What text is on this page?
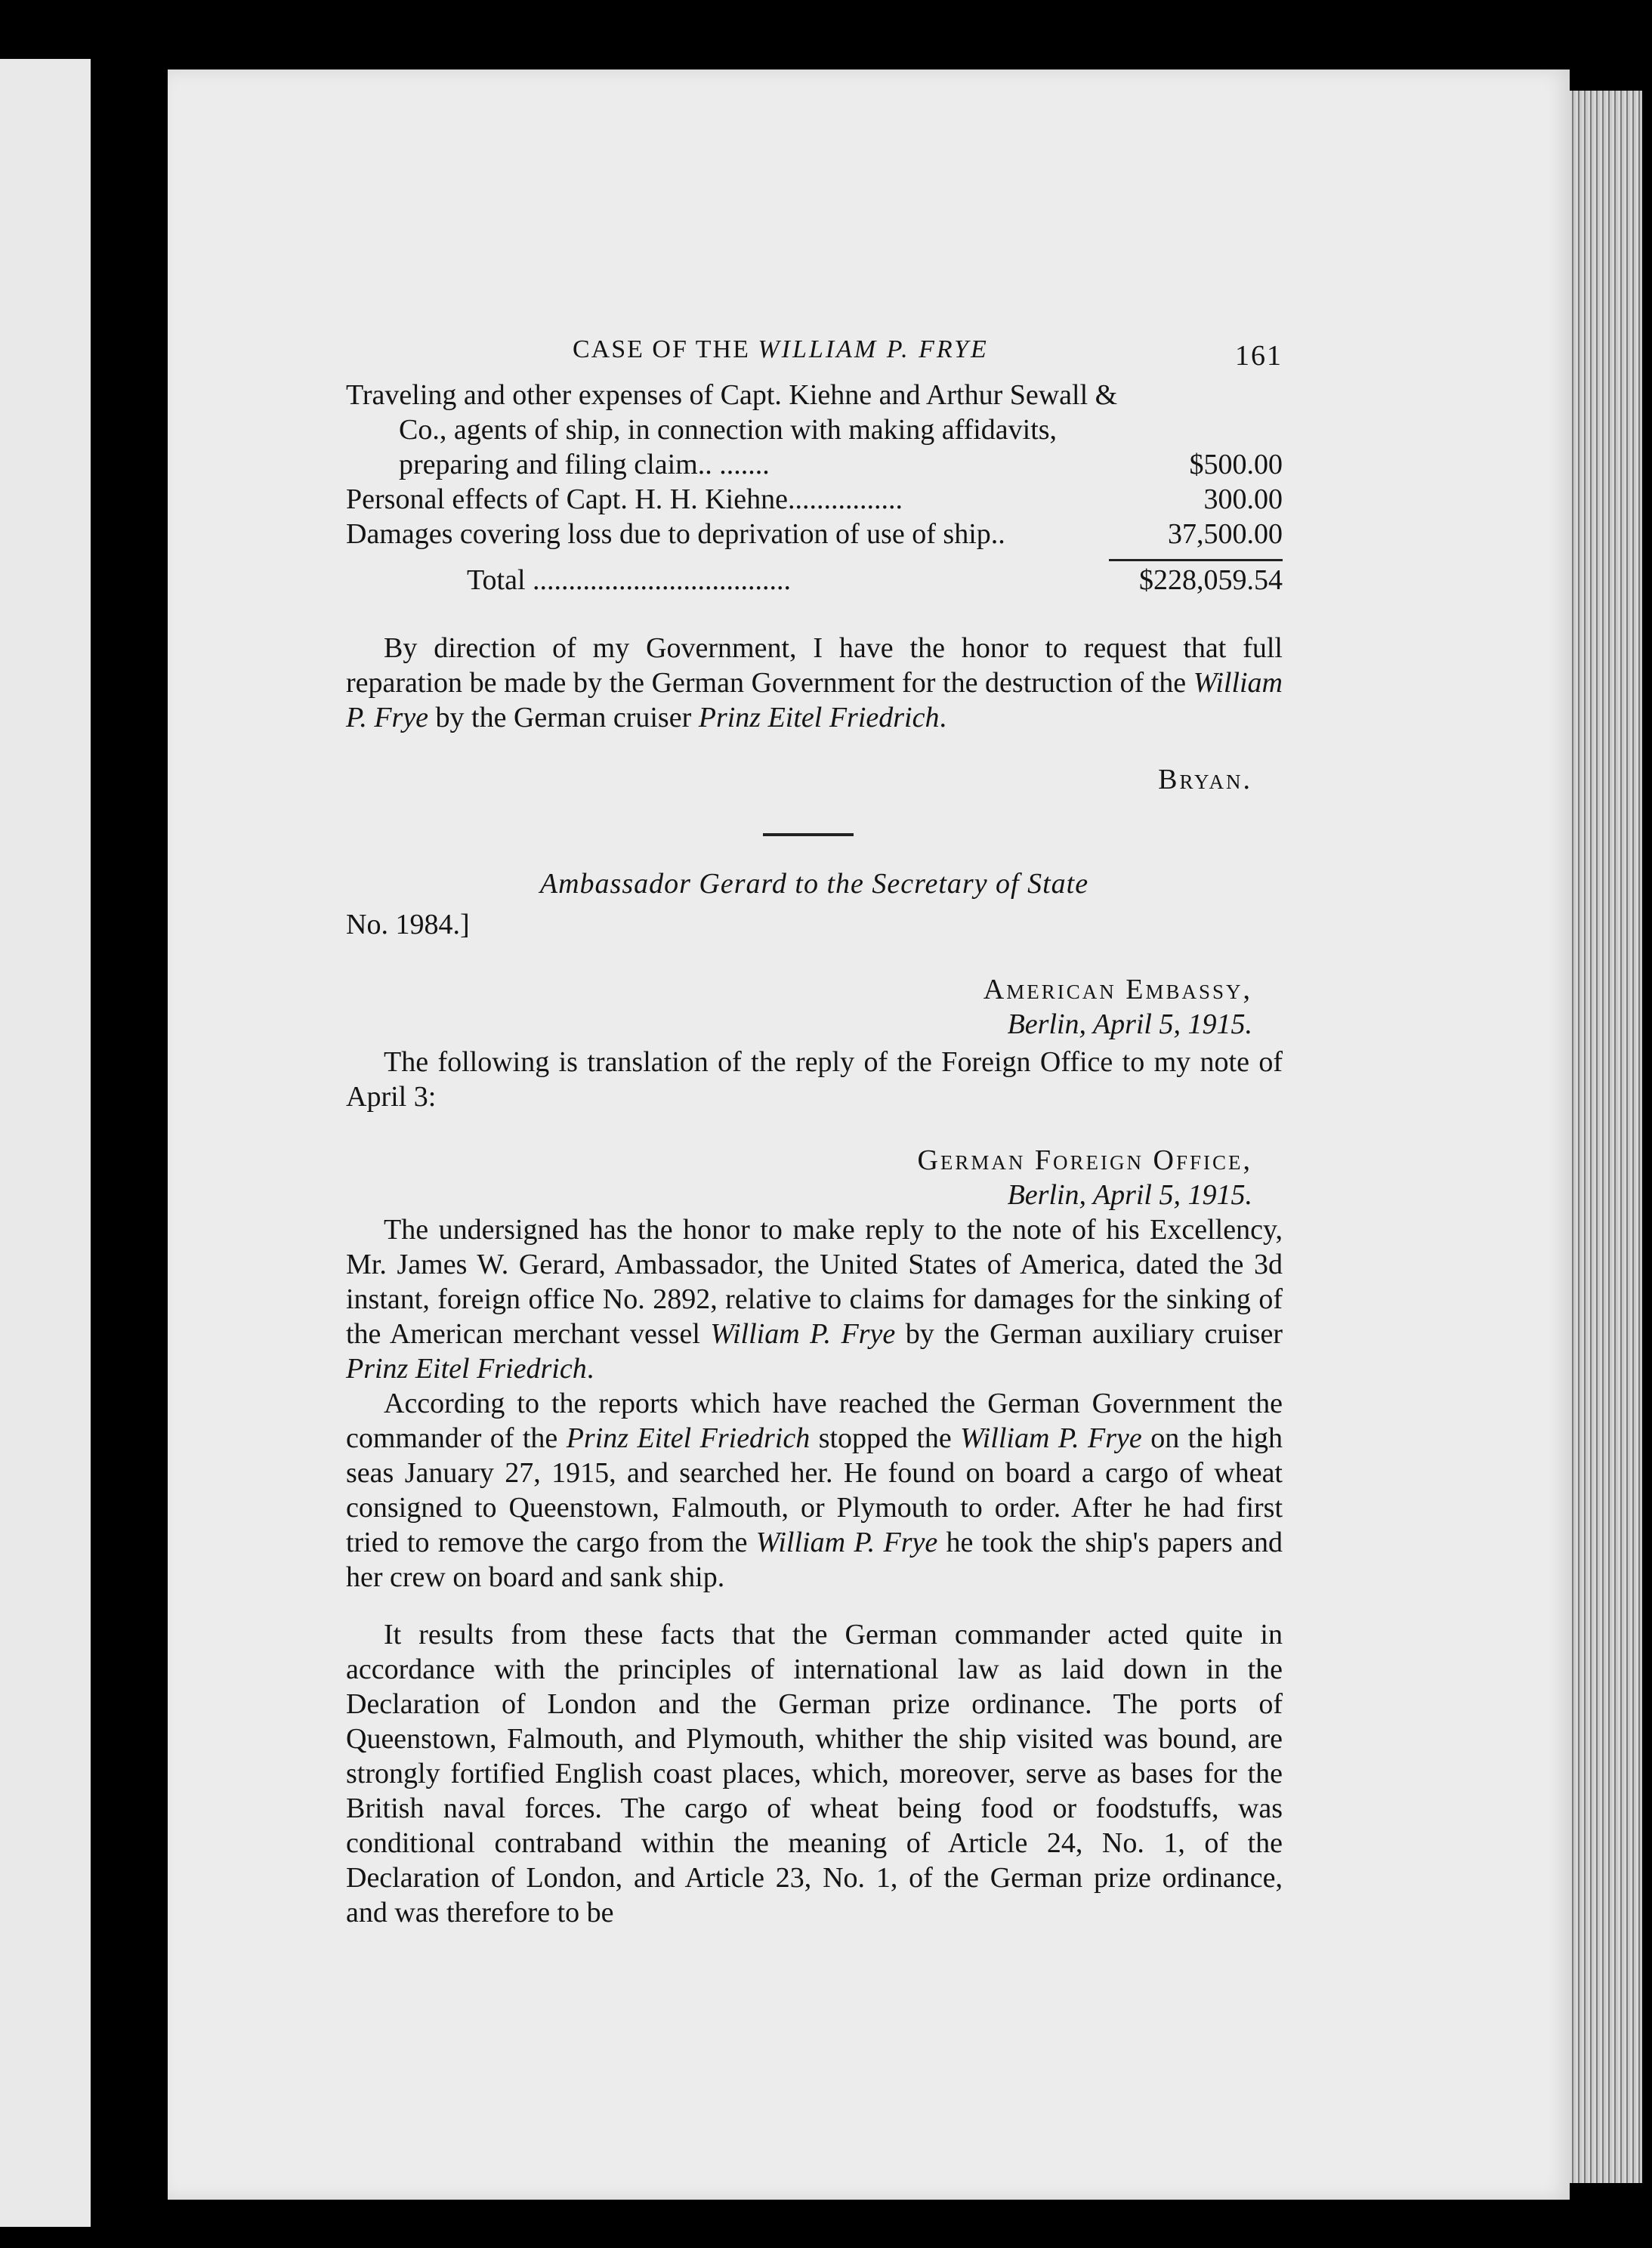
CASE OF THE WILLIAM P. FRYE	161
Traveling and other expenses of Capt. Kiehne and Arthur Sewall & Co., agents of ship, in connection with making affidavits, preparing and filing claim.. .......	$500.00
Personal effects of Capt. H. H. Kiehne................	300.00
Damages covering loss due to deprivation of use of ship..	37,500.00
Total ....................................	$228,059.54

By direction of my Government, I have the honor to request that full reparation be made by the German Government for the destruction of the William P. Frye by the German cruiser Prinz Eitel Friedrich.

Bryan.
Ambassador Gerard to the Secretary of State
No. 1984.]
American Embassy,
Berlin, April 5, 1915.

The following is translation of the reply of the Foreign Office to my note of April 3:

German Foreign Office,
Berlin, April 5, 1915.

The undersigned has the honor to make reply to the note of his Excellency, Mr. James W. Gerard, Ambassador, the United States of America, dated the 3d instant, foreign office No. 2892, relative to claims for damages for the sinking of the American merchant vessel William P. Frye by the German auxiliary cruiser Prinz Eitel Friedrich.

According to the reports which have reached the German Government the commander of the Prinz Eitel Friedrich stopped the William P. Frye on the high seas January 27, 1915, and searched her. He found on board a cargo of wheat consigned to Queenstown, Falmouth, or Plymouth to order. After he had first tried to remove the cargo from the William P. Frye he took the ship's papers and her crew on board and sank ship.

It results from these facts that the German commander acted quite in accordance with the principles of international law as laid down in the Declaration of London and the German prize ordinance. The ports of Queenstown, Falmouth, and Plymouth, whither the ship visited was bound, are strongly fortified English coast places, which, moreover, serve as bases for the British naval forces. The cargo of wheat being food or foodstuffs, was conditional contraband within the meaning of Article 24, No. 1, of the Declaration of London, and Article 23, No. 1, of the German prize ordinance, and was therefore to be
